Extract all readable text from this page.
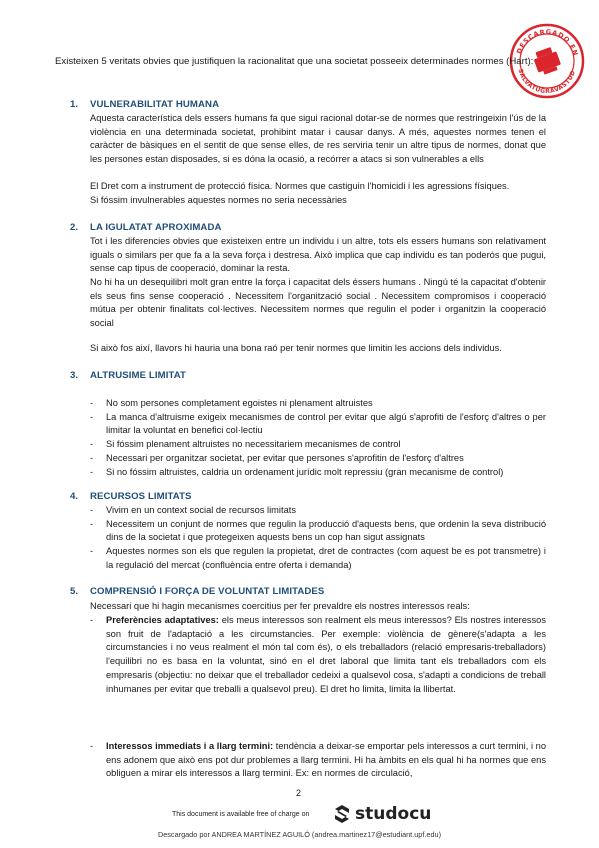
DESCARGADO EN
SALVATUGRAVASTUD
Existeixen 5 veritats obvies que justifiquen la racionalitat que una societat posseeix determinades normes (Hart):
1. VULNERABILITAT HUMANA
Aquesta característica dels essers humans fa que sigui racional dotar-se de normes que restringeixin l'ús de la violència en una determinada societat, prohibint matar i causar danys. A més, aquestes normes tenen el caràcter de bàsiques en el sentit de que sense elles, de res serviria tenir un altre tipus de normes, donat que les persones estan disposades, si es dóna la ocasió, a recórrer a atacs si son vulnerables a ells
El Dret com a instrument de protecció física. Normes que castiguin l'homicidi i les agressions físiques.
Si fóssim invulnerables aquestes normes no seria necessàries
2. LA IGULATAT APROXIMADA
Tot i les diferencies obvies que existeixen entre un individu i un altre, tots els essers humans son relativament iguals o similars per que fa a la seva força i destresa. Això implica que cap individu es tan poderós que pugui, sense cap tipus de cooperació, dominar la resta.
No hi ha un desequilibri molt gran entre la força i capacitat dels éssers humans . Ningú té la capacitat d'obtenir els seus fins sense cooperació . Necessitem l'organització social . Necessitem compromisos i cooperació mútua per obtenir finalitats col·lectives. Necessitem normes que regulin el poder i organitzin la cooperació social
Si això fos així, llavors hi hauria una bona raó per tenir normes que limitin les accions dels individus.
3. ALTRUSIME LIMITAT
- No som persones completament egoistes ni plenament altruistes
- La manca d'altruisme exigeix mecanismes de control per evitar que algú s'aprofiti de l'esforç d'altres o per limitar la voluntat en benefici col·lectiu
- Si fóssim plenament altruistes no necessitariem mecanismes de control
- Necessari per organitzar societat, per evitar que persones s'aprofitin de l'esforç d'altres
- Si no fóssim altruistes, caldria un ordenament jurídic molt repressiu (gran mecanisme de control)
4. RECURSOS LIMITATS
- Vivim en un context social de recursos limitats
- Necessitem un conjunt de normes que regulin la producció d'aquests bens, que ordenin la seva distribució dins de la societat i que protegeixen aquests bens un cop han sigut assignats
- Aquestes normes son els que regulen la propietat, dret de contractes (com aquest be es pot transmetre) i la regulació del mercat (confluència entre oferta i demanda)
5. COMPRENSIÓ I FORÇA DE VOLUNTAT LIMITADES
Necessari que hi hagin mecanismes coercitius per fer prevaldre els nostres interessos reals:
- Preferències adaptatives: els meus interessos son realment els meus interessos? Els nostres interessos son fruit de l'adaptació a les circumstancies. Per exemple: violència de gènere(s'adapta a les circumstancies i no veus realment el món tal com és), o els treballadors (relació empresaris-treballadors) l'equilibri no es basa en la voluntat, sinó en el dret laboral que limita tant els treballadors com els empresaris (objectiu: no deixar que el treballador cedeixi a qualsevol cosa, s'adapti a condicions de treball inhumanes per evitar que treballi a qualsevol preu). El dret ho limita, limita la llibertat.
- Interessos immediats i a llarg termini: tendència a deixar-se emportar pels interessos a curt termini, i no ens adonem que això ens pot dur problemes a llarg termini. Hi ha àmbits en els qual hi ha normes que ens obliguen a mirar els interessos a llarg termini. Ex: en normes de circulació,
2
This document is available free of charge on	studocu
Descargado por ANDREA MARTÍNEZ AGUILÓ (andrea.martinez17@estudiant.upf.edu)
